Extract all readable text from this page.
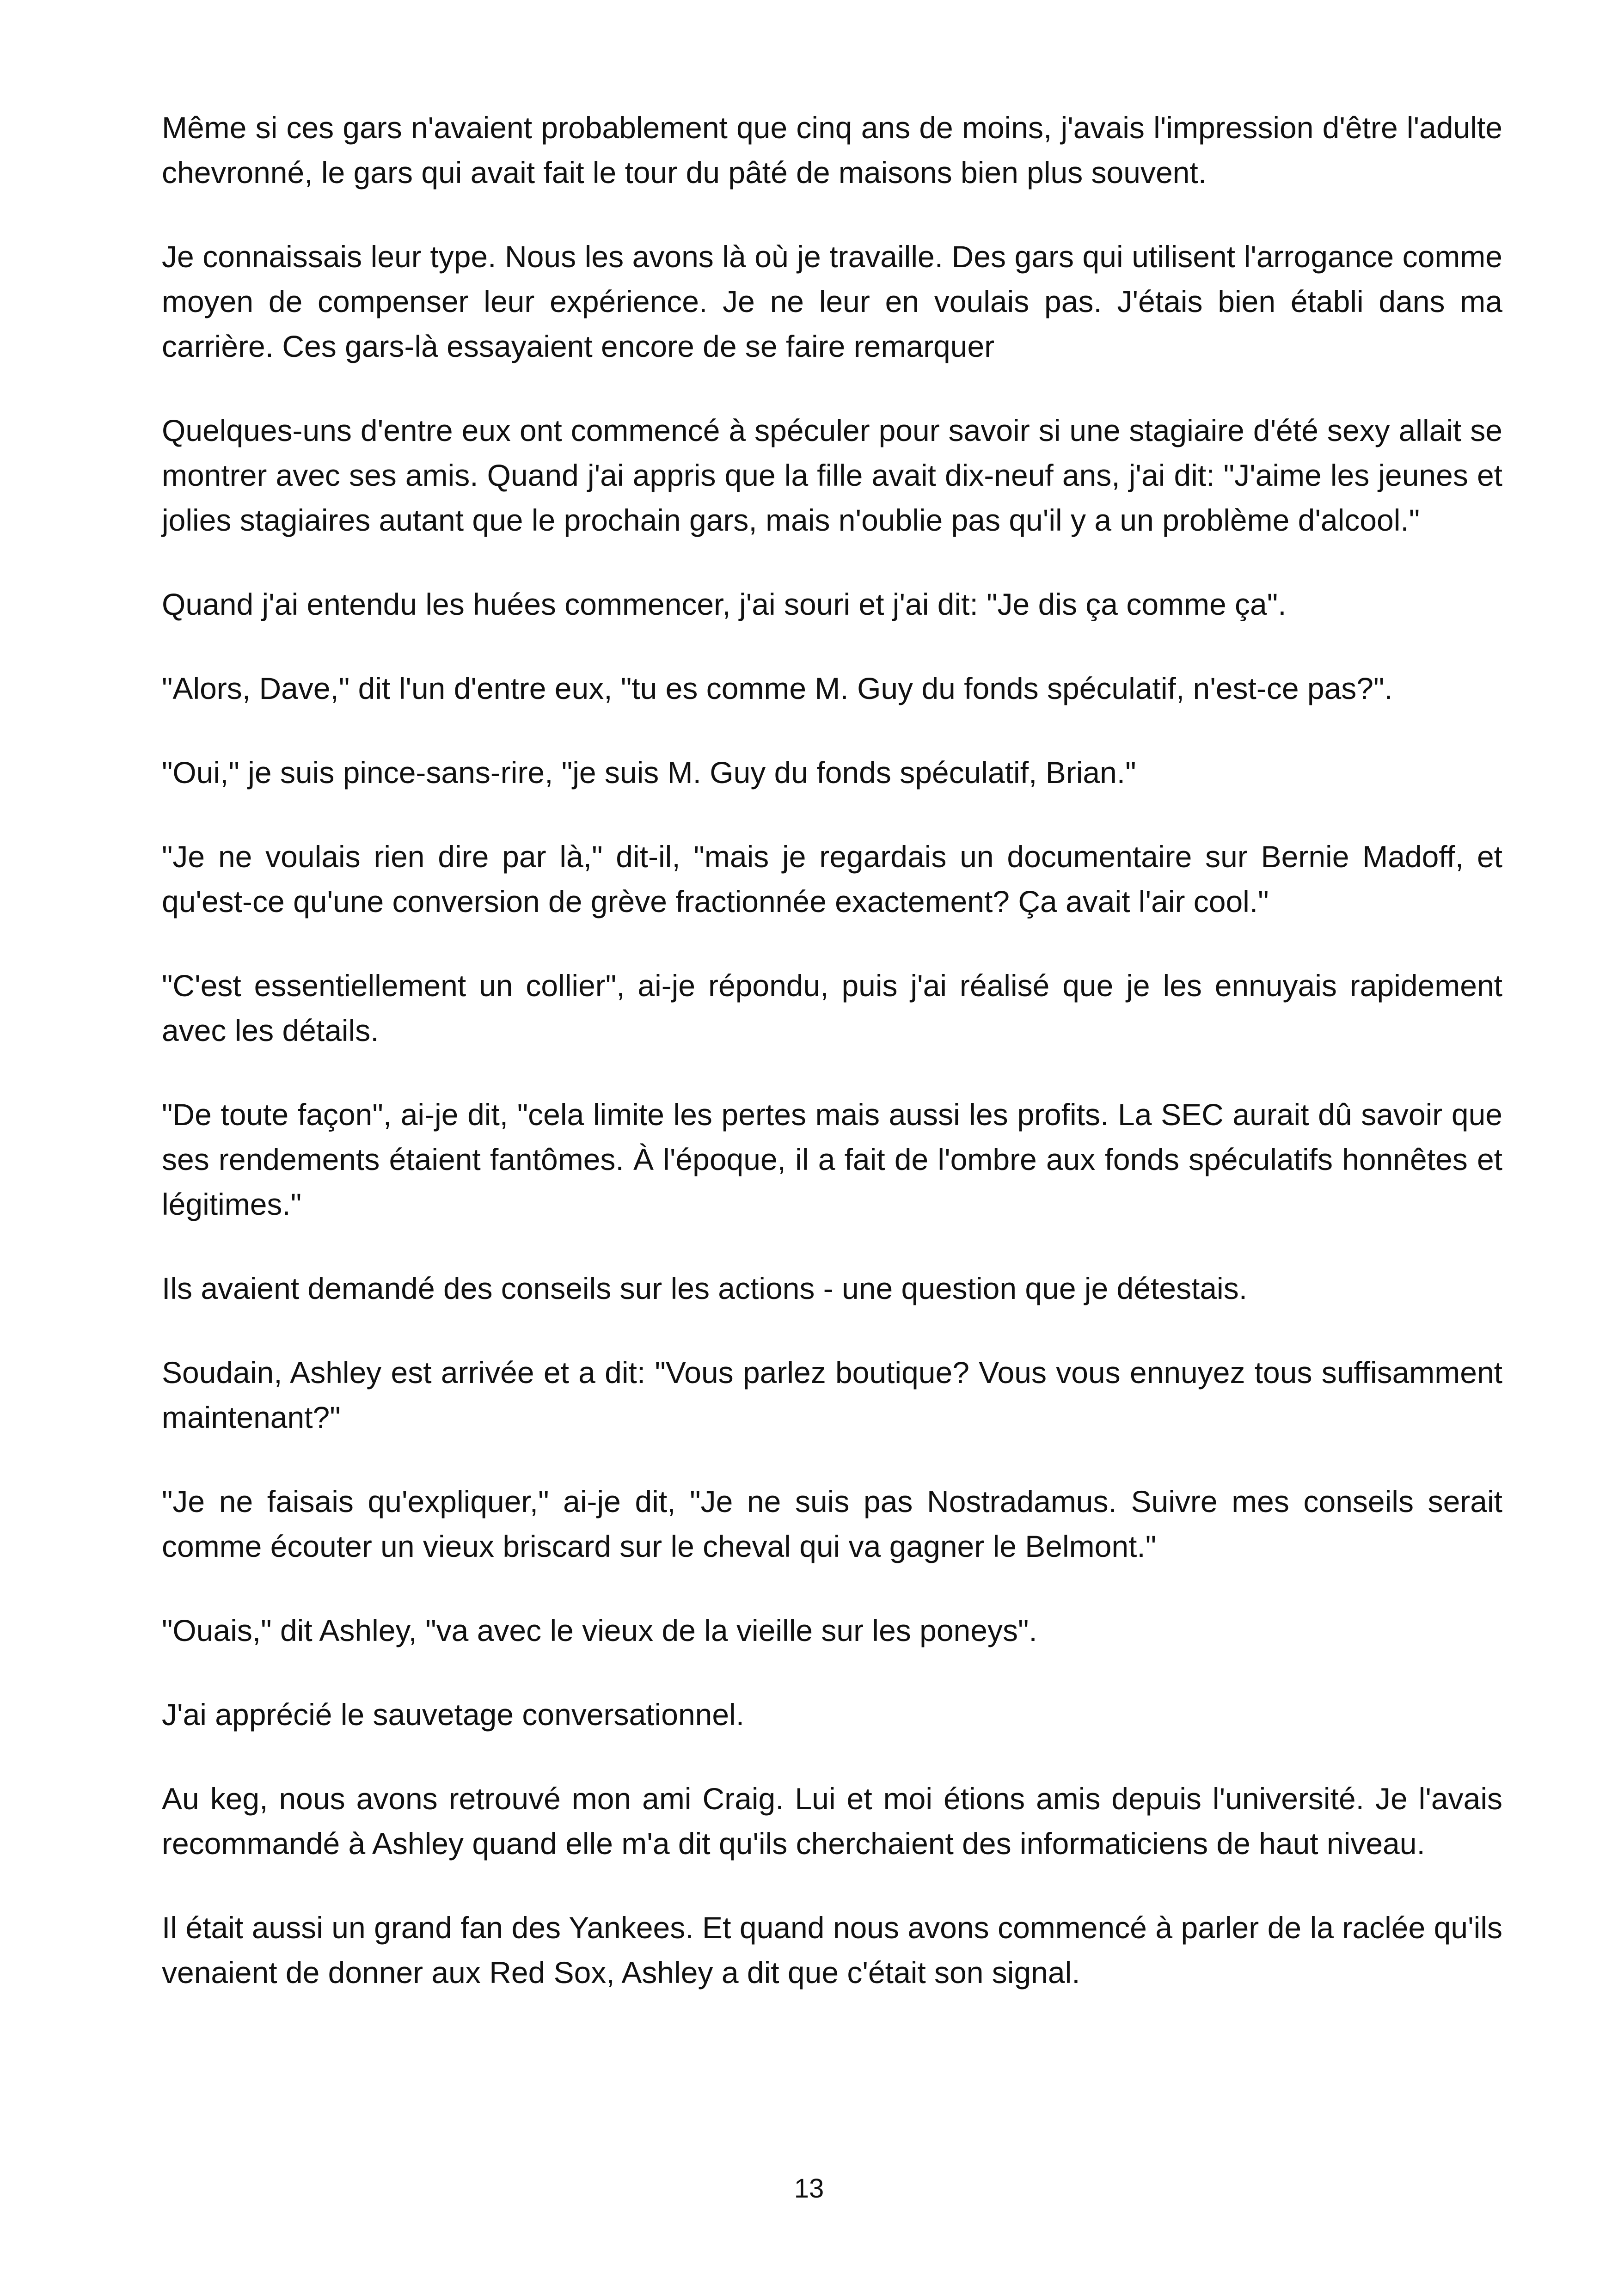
Même si ces gars n'avaient probablement que cinq ans de moins, j'avais l'impression d'être l'adulte chevronné, le gars qui avait fait le tour du pâté de maisons bien plus souvent.

Je connaissais leur type. Nous les avons là où je travaille. Des gars qui utilisent l'arrogance comme moyen de compenser leur expérience. Je ne leur en voulais pas. J'étais bien établi dans ma carrière. Ces gars-là essayaient encore de se faire remarquer

Quelques-uns d'entre eux ont commencé à spéculer pour savoir si une stagiaire d'été sexy allait se montrer avec ses amis. Quand j'ai appris que la fille avait dix-neuf ans, j'ai dit: "J'aime les jeunes et jolies stagiaires autant que le prochain gars, mais n'oublie pas qu'il y a un problème d'alcool."

Quand j'ai entendu les huées commencer, j'ai souri et j'ai dit: "Je dis ça comme ça".

"Alors, Dave," dit l'un d'entre eux, "tu es comme M. Guy du fonds spéculatif, n'est-ce pas?".

"Oui," je suis pince-sans-rire, "je suis M. Guy du fonds spéculatif, Brian."

"Je ne voulais rien dire par là," dit-il, "mais je regardais un documentaire sur Bernie Madoff, et qu'est-ce qu'une conversion de grève fractionnée exactement? Ça avait l'air cool."

"C'est essentiellement un collier", ai-je répondu, puis j'ai réalisé que je les ennuyais rapidement avec les détails.

"De toute façon", ai-je dit, "cela limite les pertes mais aussi les profits. La SEC aurait dû savoir que ses rendements étaient fantômes. À l'époque, il a fait de l'ombre aux fonds spéculatifs honnêtes et légitimes."

Ils avaient demandé des conseils sur les actions - une question que je détestais.

Soudain, Ashley est arrivée et a dit: "Vous parlez boutique? Vous vous ennuyez tous suffisamment maintenant?"

"Je ne faisais qu'expliquer," ai-je dit, "Je ne suis pas Nostradamus. Suivre mes conseils serait comme écouter un vieux briscard sur le cheval qui va gagner le Belmont."

"Ouais," dit Ashley, "va avec le vieux de la vieille sur les poneys".

J'ai apprécié le sauvetage conversationnel.

Au keg, nous avons retrouvé mon ami Craig. Lui et moi étions amis depuis l'université. Je l'avais recommandé à Ashley quand elle m'a dit qu'ils cherchaient des informaticiens de haut niveau.

Il était aussi un grand fan des Yankees. Et quand nous avons commencé à parler de la raclée qu'ils venaient de donner aux Red Sox, Ashley a dit que c'était son signal.

13
